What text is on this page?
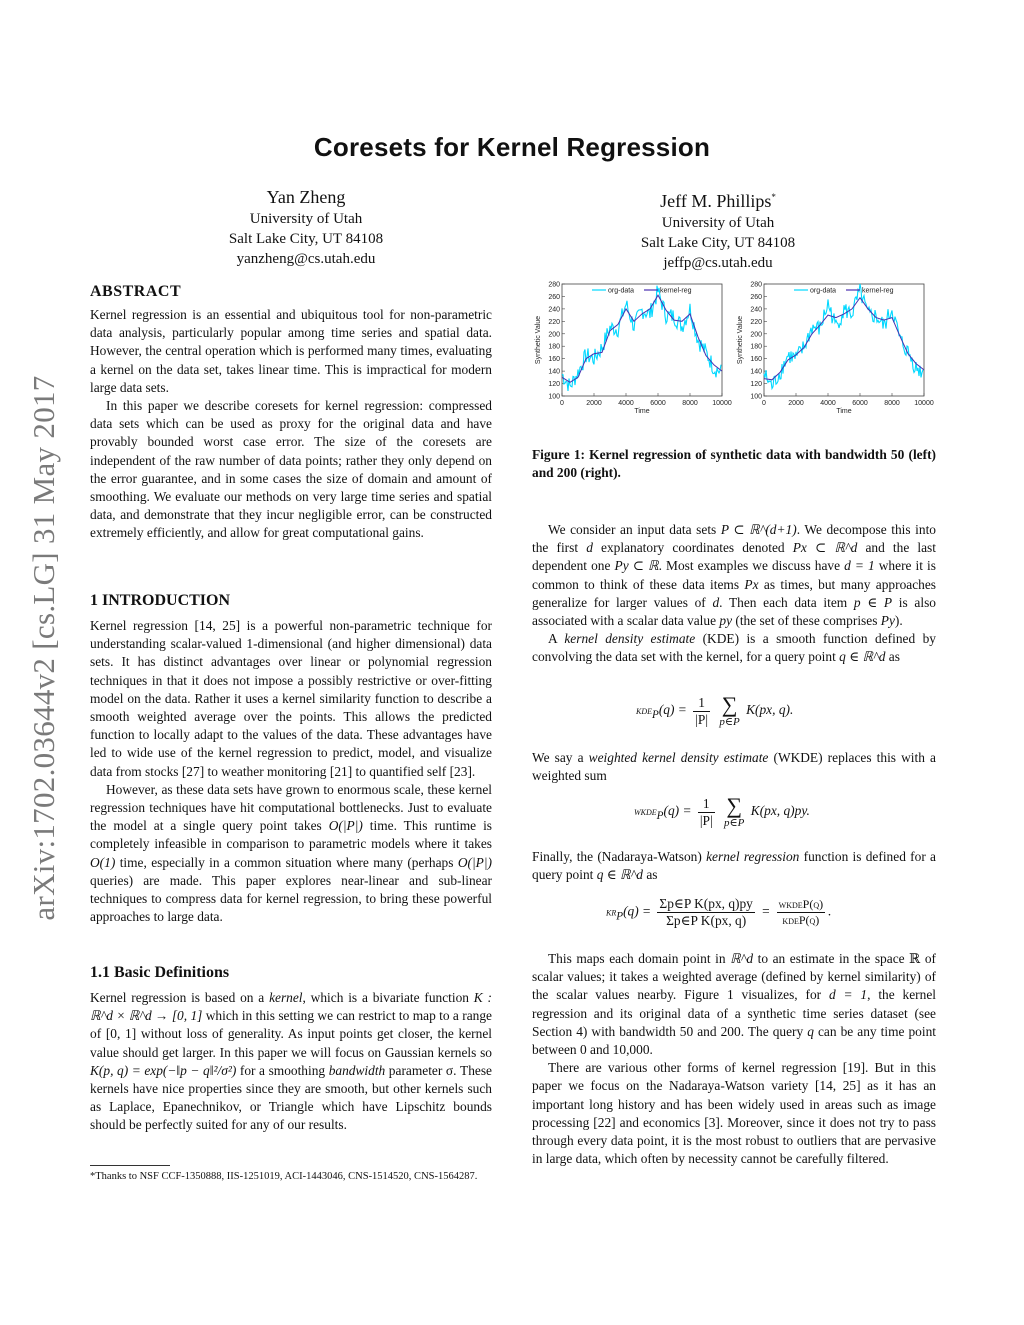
arXiv:1702.03644v2 [cs.LG] 31 May 2017
Coresets for Kernel Regression
Yan Zheng
University of Utah
Salt Lake City, UT 84108
yanzheng@cs.utah.edu
Jeff M. Phillips*
University of Utah
Salt Lake City, UT 84108
jeffp@cs.utah.edu
ABSTRACT

Kernel regression is an essential and ubiquitous tool for non-parametric data analysis, particularly popular among time series and spatial data. However, the central operation which is performed many times, evaluating a kernel on the data set, takes linear time. This is impractical for modern large data sets.

In this paper we describe coresets for kernel regression: compressed data sets which can be used as proxy for the original data and have provably bounded worst case error. The size of the coresets are independent of the raw number of data points; rather they only depend on the error guarantee, and in some cases the size of domain and amount of smoothing. We evaluate our methods on very large time series and spatial data, and demonstrate that they incur negligible error, can be constructed extremely efficiently, and allow for great computational gains.

1 INTRODUCTION

Kernel regression [14, 25] is a powerful non-parametric technique for understanding scalar-valued 1-dimensional (and higher dimensional) data sets. It has distinct advantages over linear or polynomial regression techniques in that it does not impose a possibly restrictive or over-fitting model on the data. Rather it uses a kernel similarity function to describe a smooth weighted average over the points. This allows the predicted function to locally adapt to the values of the data. These advantages have led to wide use of the kernel regression to predict, model, and visualize data from stocks [27] to weather monitoring [21] to quantified self [23].

However, as these data sets have grown to enormous scale, these kernel regression techniques have hit computational bottlenecks. Just to evaluate the model at a single query point takes O(|P|) time. This runtime is completely infeasible in comparison to parametric models where it takes O(1) time, especially in a common situation where many (perhaps O(|P|) queries) are made. This paper explores near-linear and sub-linear techniques to compress data for kernel regression, to bring these powerful approaches to large data.

1.1 Basic Definitions

Kernel regression is based on a kernel, which is a bivariate function K : ℝ^d × ℝ^d → [0, 1] which in this setting we can restrict to map to a range of [0, 1] without loss of generality. As input points get closer, the kernel value should get larger. In this paper we will focus on Gaussian kernels so K(p, q) = exp(−‖p − q‖²/σ²) for a smoothing bandwidth parameter σ. These kernels have nice properties since they are smooth, but other kernels such as Laplace, Epanechnikov, or Triangle which have Lipschitz bounds should be perfectly suited for any of our results.

*Thanks to NSF CCF-1350888, IIS-1251019, ACI-1443046, CNS-1514520, CNS-1564287.
100
120
140
160
180
200
220
240
260
280
0	2000 4000 6000 8000 10000
Time
Synthetic Value
org-data	kernel-reg
100
120
140
160
180
200
220
240
260
280
0	2000 4000 6000 8000 10000
Time
Synthetic Value
org-data	kernel-reg
Figure 1: Kernel regression of synthetic data with bandwidth 50 (left) and 200 (right).

We consider an input data sets P ⊂ ℝ^(d+1). We decompose this into the first d explanatory coordinates denoted Px ⊂ ℝ^d and the last dependent one Py ⊂ ℝ. Most examples we discuss have d = 1 where it is common to think of these data items Px as times, but many approaches generalize for larger values of d. Then each data item p ∈ P is also associated with a scalar data value py (the set of these comprises Py).

A kernel density estimate (KDE) is a smooth function defined by convolving the data set with the kernel, for a query point q ∈ ℝ^d as

$kde_P(q) = \frac{1}{|P|}$
∑
p∈P
K(px, q).

We say a weighted kernel density estimate (WKDE) replaces this with a weighted sum

wkde$_P$(q) = $\frac{1}{|P|}$
∑
p∈P
K(px, q)py.

Finally, the (Nadaraya-Watson) kernel regression function is defined for a query point q ∈ ℝ^d as

$kr_P(q) = \frac{\text{Σp∈P K(px, q)py}}{\text{Σp∈P K(px, q)}} = \frac{\text{wkdeP(q)}}{\text{kdeP(q)}}$ .

This maps each domain point in ℝ^d to an estimate in the space ℝ of scalar values; it takes a weighted average (defined by kernel similarity) of the scalar values nearby. Figure 1 visualizes, for d = 1, the kernel regression and its original data of a synthetic time series dataset (see Section 4) with bandwidth 50 and 200. The query q can be any time point between 0 and 10,000.

There are various other forms of kernel regression [19]. But in this paper we focus on the Nadaraya-Watson variety [14, 25] as it has an important long history and has been widely used in areas such as image processing [22] and economics [3]. Moreover, since it does not try to pass through every data point, it is the most robust to outliers that are pervasive in large data, which often by necessity cannot be carefully filtered.
